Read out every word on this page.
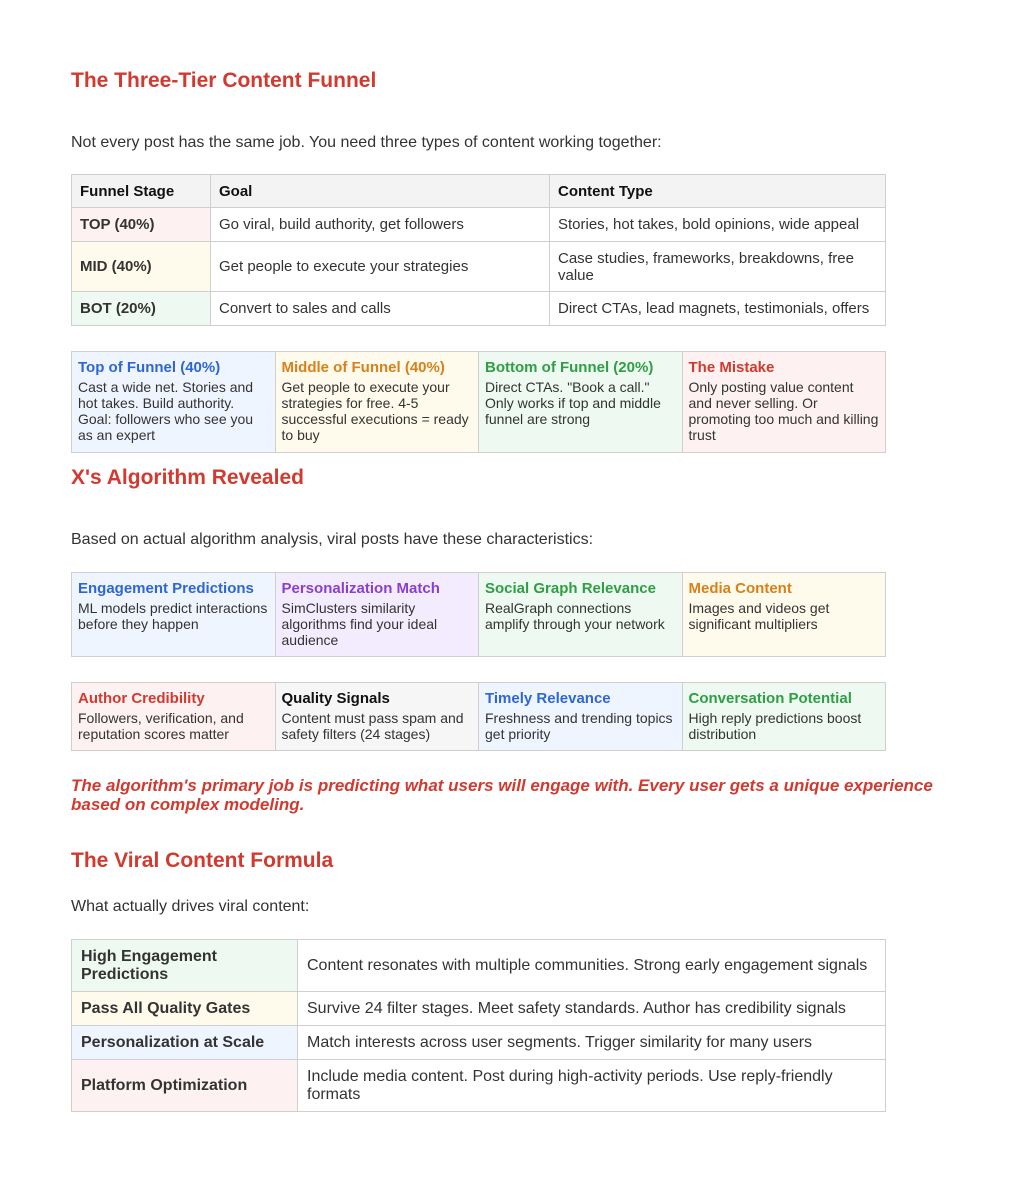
The Three-Tier Content Funnel

Not every post has the same job. You need three types of content working together:

Funnel Stage	Goal	Content Type
TOP (40%)	Go viral, build authority, get followers	Stories, hot takes, bold opinions, wide appeal
MID (40%)	Get people to execute your strategies	Case studies, frameworks, breakdowns, free value
BOT (20%)	Convert to sales and calls	Direct CTAs, lead magnets, testimonials, offers
Top of Funnel (40%)
Cast a wide net. Stories and hot takes. Build authority. Goal: followers who see you as an expert
Middle of Funnel (40%)
Get people to execute your strategies for free. 4-5 successful executions = ready to buy
Bottom of Funnel (20%)
Direct CTAs. "Book a call." Only works if top and middle funnel are strong
The Mistake
Only posting value content and never selling. Or promoting too much and killing trust
X's Algorithm Revealed

Based on actual algorithm analysis, viral posts have these characteristics:

Engagement Predictions
ML models predict interactions before they happen
Personalization Match
SimClusters similarity algorithms find your ideal audience
Social Graph Relevance
RealGraph connections amplify through your network
Media Content
Images and videos get significant multipliers
Author Credibility
Followers, verification, and reputation scores matter
Quality Signals
Content must pass spam and safety filters (24 stages)
Timely Relevance
Freshness and trending topics get priority
Conversation Potential
High reply predictions boost distribution

The algorithm's primary job is predicting what users will engage with. Every user gets a unique experience based on complex modeling.

The Viral Content Formula

What actually drives viral content:

High Engagement Predictions	Content resonates with multiple communities. Strong early engagement signals
Pass All Quality Gates	Survive 24 filter stages. Meet safety standards. Author has credibility signals
Personalization at Scale	Match interests across user segments. Trigger similarity for many users
Platform Optimization	Include media content. Post during high-activity periods. Use reply-friendly formats
